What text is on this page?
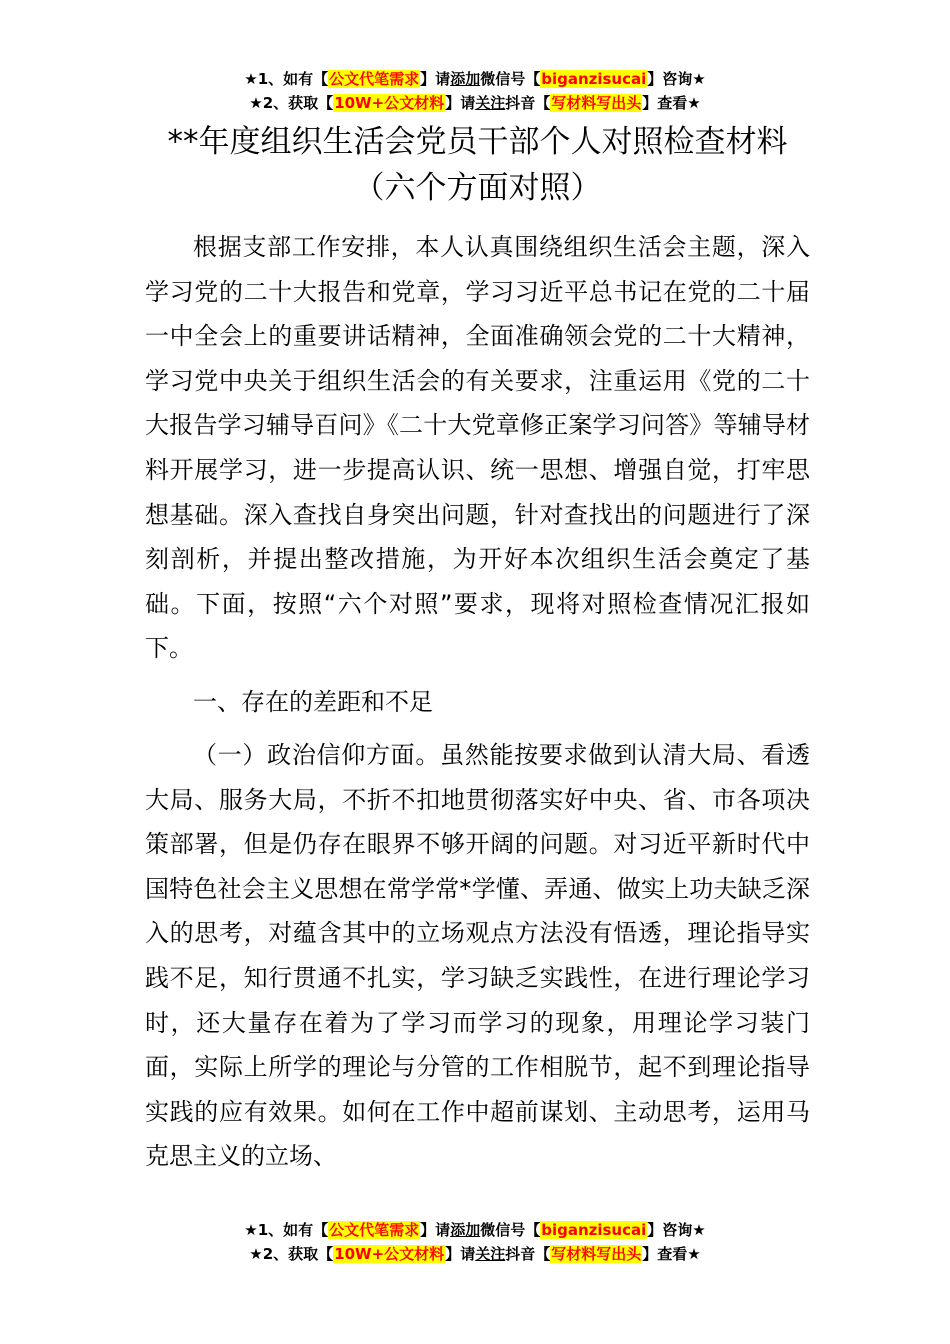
★1、如有【公文代笔需求】请添加微信号【biganzisucai】咨询★
★2、获取【10W+公文材料】请关注抖音【写材料写出头】查看★
**年度组织生活会党员干部个人对照检查材料（六个方面对照）

根据支部工作安排，本人认真围绕组织生活会主题，深入学习党的二十大报告和党章，学习习近平总书记在党的二十届一中全会上的重要讲话精神，全面准确领会党的二十大精神，学习党中央关于组织生活会的有关要求，注重运用《党的二十大报告学习辅导百问》《二十大党章修正案学习问答》等辅导材料开展学习，进一步提高认识、统一思想、增强自觉，打牢思想基础。深入查找自身突出问题，针对查找出的问题进行了深刻剖析，并提出整改措施，为开好本次组织生活会奠定了基础。下面，按照“六个对照”要求，现将对照检查情况汇报如下。

一、存在的差距和不足

（一）政治信仰方面。虽然能按要求做到认清大局、看透大局、服务大局，不折不扣地贯彻落实好中央、省、市各项决策部署，但是仍存在眼界不够开阔的问题。对习近平新时代中国特色社会主义思想在常学常*学懂、弄通、做实上功夫缺乏深入的思考，对蕴含其中的立场观点方法没有悟透，理论指导实践不足，知行贯通不扎实，学习缺乏实践性，在进行理论学习时，还大量存在着为了学习而学习的现象，用理论学习装门面，实际上所学的理论与分管的工作相脱节，起不到理论指导实践的应有效果。如何在工作中超前谋划、主动思考，运用马克思主义的立场、

★1、如有【公文代笔需求】请添加微信号【biganzisucai】咨询★
★2、获取【10W+公文材料】请关注抖音【写材料写出头】查看★
